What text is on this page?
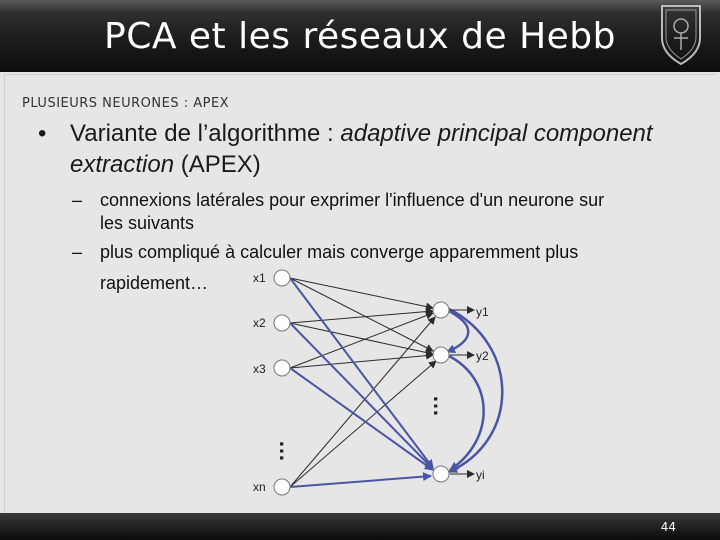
PCA et les réseaux de Hebb
PLUSIEURS NEURONES : APEX
• Variante de l’algorithme : adaptive principal component extraction (APEX)
– connexions latérales pour exprimer l'influence d'un neurone sur
les suivants
– plus compliqué à calculer mais converge apparemment plus
rapidement…	x1
x2
x3
xn
y1
y2
yi
…
…
44
